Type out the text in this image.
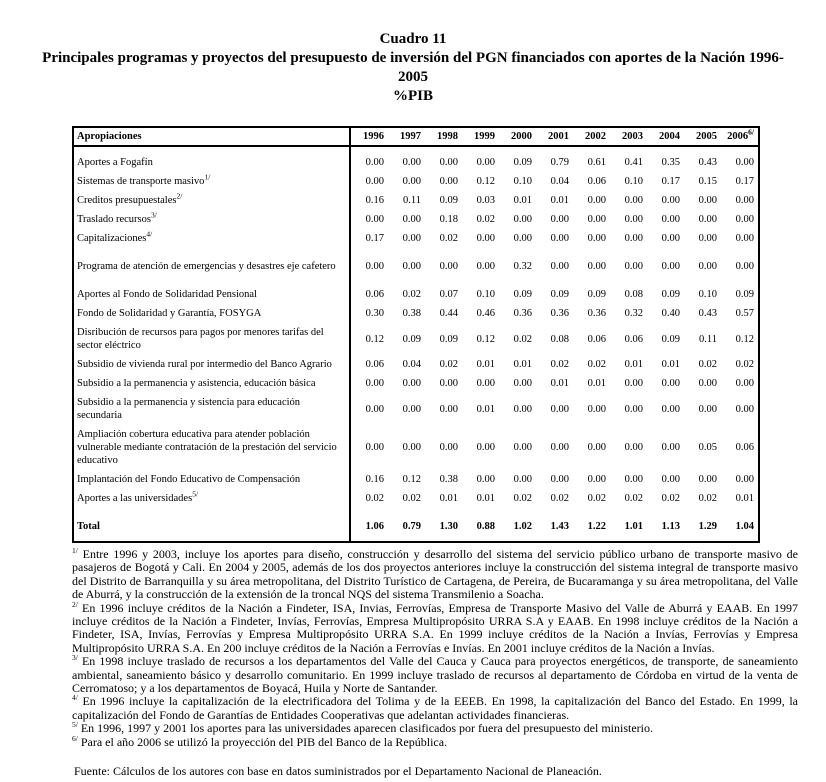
Cuadro 11
Principales programas y proyectos del presupuesto de inversión del PGN financiados con aportes de la Nación 1996-2005
%PIB
Apropiaciones	1996	1997	1998	1999	2000	2001	2002	2003	2004	2005	$2006^{6/}$
Aportes a Fogafín	0.00	0.00	0.00	0.00	0.09	0.79	0.61	0.41	0.35	0.43	0.00
Sistemas de transporte masivo$^{1/}$	0.00	0.00	0.00	0.12	0.10	0.04	0.06	0.10	0.17	0.15	0.17
Creditos presupuestales$^{2/}$	0.16	0.11	0.09	0.03	0.01	0.01	0.00	0.00	0.00	0.00	0.00
Traslado recursos$^{3/}$	0.00	0.00	0.18	0.02	0.00	0.00	0.00	0.00	0.00	0.00	0.00
Capitalizaciones$^{4/}$	0.17	0.00	0.02	0.00	0.00	0.00	0.00	0.00	0.00	0.00	0.00
Programa de atención de emergencias y desastres eje cafetero	0.00	0.00	0.00	0.00	0.32	0.00	0.00	0.00	0.00	0.00	0.00
Aportes al Fondo de Solidaridad Pensional	0.06	0.02	0.07	0.10	0.09	0.09	0.09	0.08	0.09	0.10	0.09
Fondo de Solidaridad y Garantía, FOSYGA	0.30	0.38	0.44	0.46	0.36	0.36	0.36	0.32	0.40	0.43	0.57
Disribución de recursos para pagos por menores tarifas del sector eléctrico	0.12	0.09	0.09	0.12	0.02	0.08	0.06	0.06	0.09	0.11	0.12
Subsidio de vivienda rural por intermedio del Banco Agrario	0.06	0.04	0.02	0.01	0.01	0.02	0.02	0.01	0.01	0.02	0.02
Subsidio a la permanencia y asistencia, educación básica	0.00	0.00	0.00	0.00	0.00	0.01	0.01	0.00	0.00	0.00	0.00
Subsidio a la permanencia y sistencia para educación secundaria	0.00	0.00	0.00	0.01	0.00	0.00	0.00	0.00	0.00	0.00	0.00
Ampliación cobertura educativa para atender población vulnerable mediante contratación de la prestación del servicio educativo	0.00	0.00	0.00	0.00	0.00	0.00	0.00	0.00	0.00	0.05	0.06
Implantación del Fondo Educativo de Compensación	0.16	0.12	0.38	0.00	0.00	0.00	0.00	0.00	0.00	0.00	0.00
Aportes a las universidades$^{5/}$	0.02	0.02	0.01	0.01	0.02	0.02	0.02	0.02	0.02	0.02	0.01
Total	1.06	0.79	1.30	0.88	1.02	1.43	1.22	1.01	1.13	1.29	1.04
$^{1/}$ Entre 1996 y 2003, incluye los aportes para diseño, construcción y desarrollo del sistema del servicio público urbano de transporte masivo de pasajeros de Bogotá y Cali. En 2004 y 2005, además de los dos proyectos anteriores incluye la construcción del sistema integral de transporte masivo del Distrito de Barranquilla y su área metropolitana, del Distrito Turístico de Cartagena, de Pereira, de Bucaramanga y su área metropolitana, del Valle de Aburrá, y la construcción de la extensión de la troncal NQS del sistema Transmilenio a Soacha.
$^{2/}$ En 1996 incluye créditos de la Nación a Findeter, ISA, Invias, Ferrovías, Empresa de Transporte Masivo del Valle de Aburrá y EAAB. En 1997 incluye créditos de la Nación a Findeter, Invías, Ferrovías, Empresa Multipropósito URRA S.A y EAAB. En 1998 incluye créditos de la Nación a Findeter, ISA, Invías, Ferrovías y Empresa Multipropósito URRA S.A. En 1999 incluye créditos de la Nación a Invías, Ferrovías y Empresa Multipropósito URRA S.A. En 200 incluye créditos de la Nación a Ferrovías e Invías. En 2001 incluye créditos de la Nación a Invías.
$^{3/}$ En 1998 incluye traslado de recursos a los departamentos del Valle del Cauca y Cauca para proyectos energéticos, de transporte, de saneamiento ambiental, saneamiento básico y desarrollo comunitario. En 1999 incluye traslado de recursos al departamento de Córdoba en virtud de la venta de Cerromatoso; y a los departamentos de Boyacá, Huila y Norte de Santander.
$^{4/}$ En 1996 incluye la capitalización de la electrificadora del Tolima y de la EEEB. En 1998, la capitalización del Banco del Estado. En 1999, la capitalización del Fondo de Garantías de Entidades Cooperativas que adelantan actividades financieras.
$^{5/}$ En 1996, 1997 y 2001 los aportes para las universidades aparecen clasificados por fuera del presupuesto del ministerio.
$^{6/}$ Para el año 2006 se utilizó la proyección del PIB del Banco de la República.
Fuente: Cálculos de los autores con base en datos suministrados por el Departamento Nacional de Planeación.
